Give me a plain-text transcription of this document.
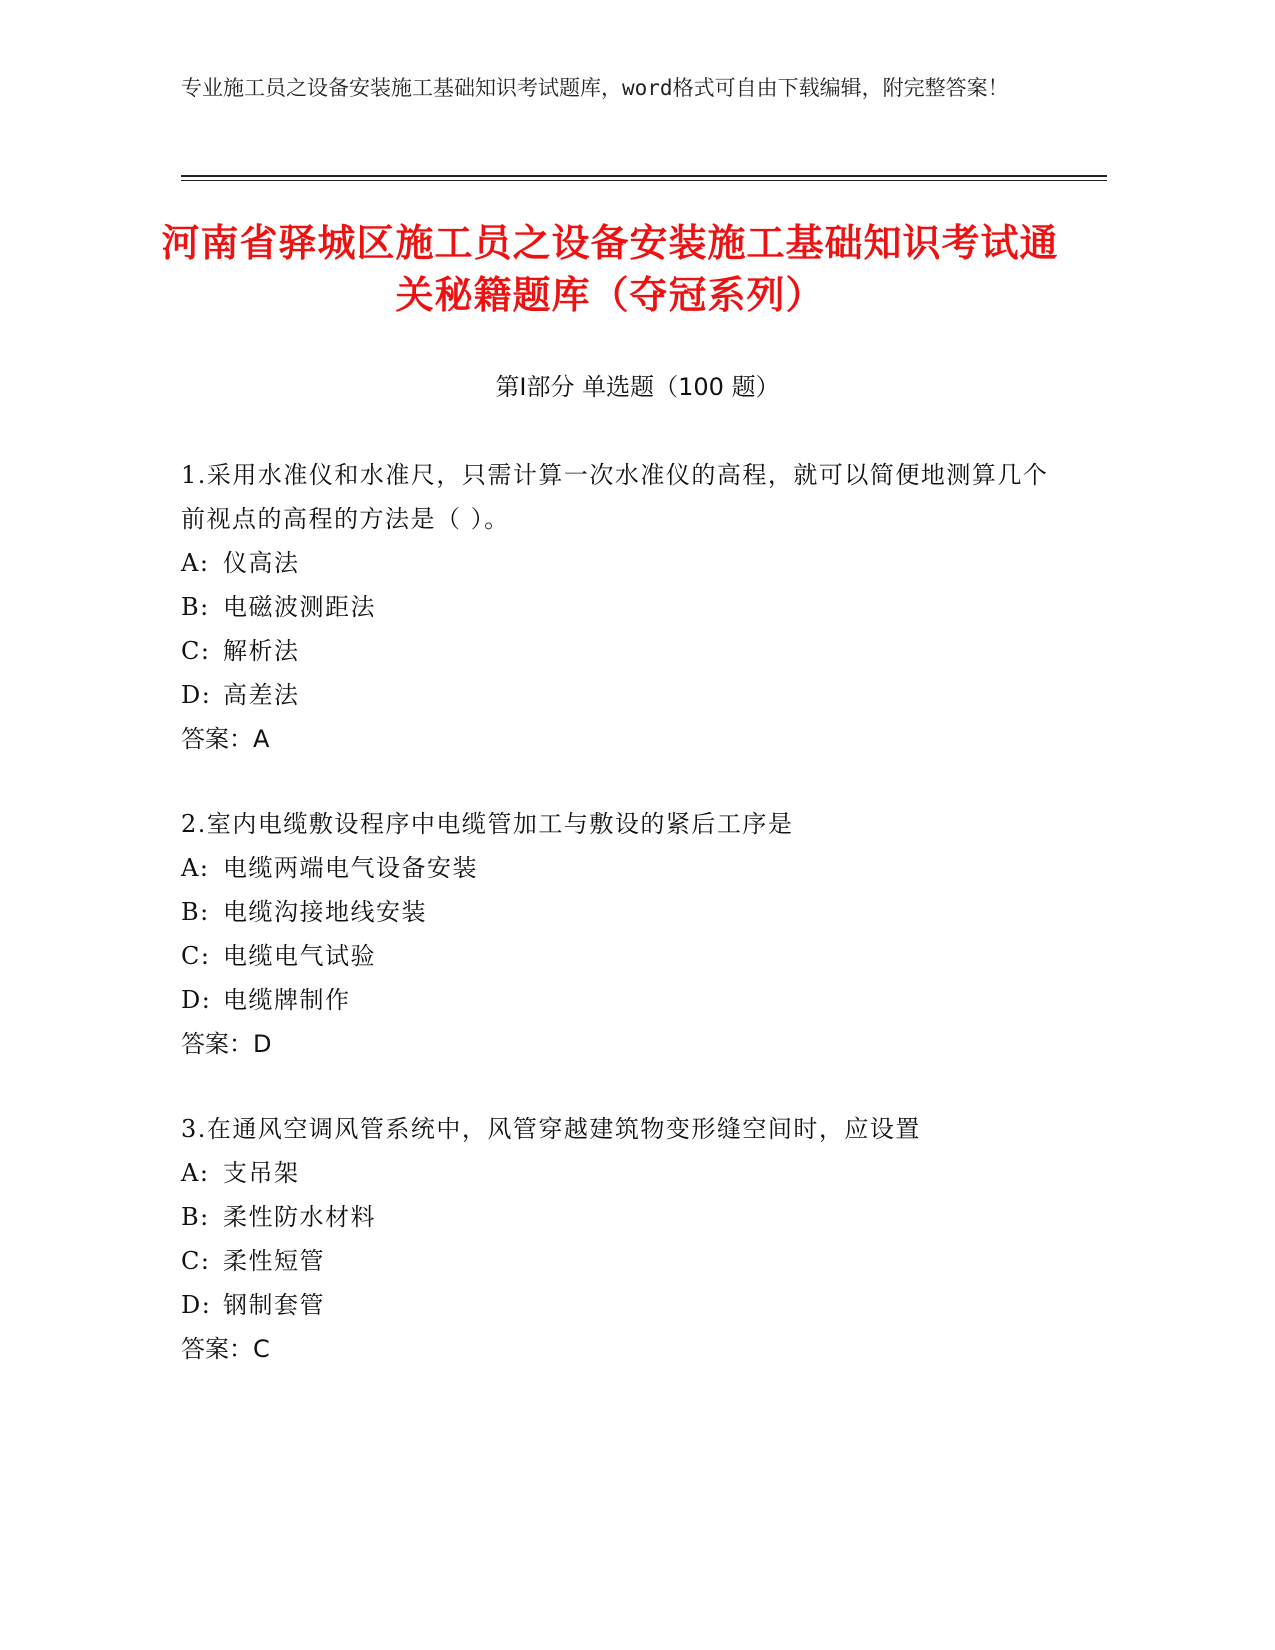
专业施工员之设备安装施工基础知识考试题库，word格式可自由下载编辑，附完整答案！
河南省驿城区施工员之设备安装施工基础知识考试通关秘籍题库（夺冠系列）
第Ⅰ部分 单选题（100 题）
1.采用水准仪和水准尺，只需计算一次水准仪的高程，就可以简便地测算几个前视点的高程的方法是（ ）。
A: 仪高法
B: 电磁波测距法
C: 解析法
D: 高差法
答案：A
2.室内电缆敷设程序中电缆管加工与敷设的紧后工序是
A: 电缆两端电气设备安装
B: 电缆沟接地线安装
C: 电缆电气试验
D: 电缆牌制作
答案：D
3.在通风空调风管系统中，风管穿越建筑物变形缝空间时，应设置
A: 支吊架
B: 柔性防水材料
C: 柔性短管
D: 钢制套管
答案：C
